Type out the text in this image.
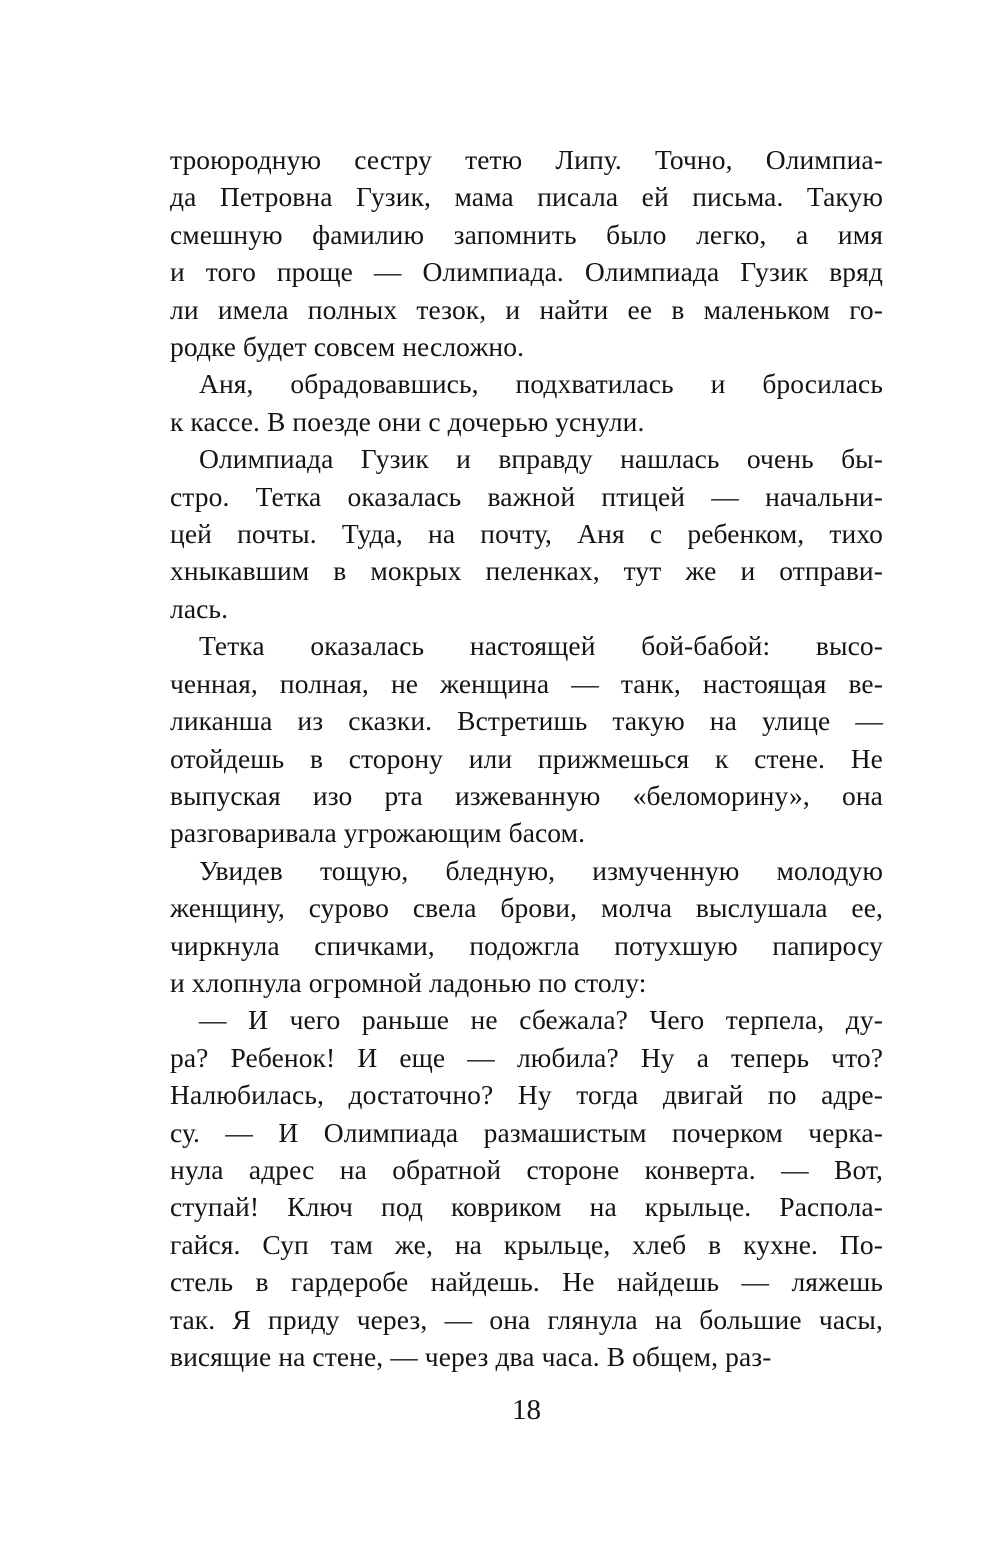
троюродную сестру тетю Липу. Точно, Олимпиа-
да Петровна Гузик, мама писала ей письма. Такую
смешную фамилию запомнить было легко, а имя
и того проще — Олимпиада. Олимпиада Гузик вряд
ли имела полных тезок, и найти ее в маленьком го-
родке будет совсем несложно.
Аня, обрадовавшись, подхватилась и бросилась
к кассе. В поезде они с дочерью уснули.
Олимпиада Гузик и вправду нашлась очень бы-
стро. Тетка оказалась важной птицей — начальни-
цей почты. Туда, на почту, Аня с ребенком, тихо
хныкавшим в мокрых пеленках, тут же и отправи-
лась.
Тетка оказалась настоящей бой-бабой: высо-
ченная, полная, не женщина — танк, настоящая ве-
ликанша из сказки. Встретишь такую на улице —
отойдешь в сторону или прижмешься к стене. Не
выпуская изо рта изжеванную «беломорину», она
разговаривала угрожающим басом.
Увидев тощую, бледную, измученную молодую
женщину, сурово свела брови, молча выслушала ее,
чиркнула спичками, подожгла потухшую папиросу
и хлопнула огромной ладонью по столу:
— И чего раньше не сбежала? Чего терпела, ду-
ра? Ребенок! И еще — любила? Ну а теперь что?
Налюбилась, достаточно? Ну тогда двигай по адре-
су. — И Олимпиада размашистым почерком черка-
нула адрес на обратной стороне конверта. — Вот,
ступай! Ключ под ковриком на крыльце. Распола-
гайся. Суп там же, на крыльце, хлеб в кухне. По-
стель в гардеробе найдешь. Не найдешь — ляжешь
так. Я приду через, — она глянула на большие часы,
висящие на стене, — через два часа. В общем, раз-
18
